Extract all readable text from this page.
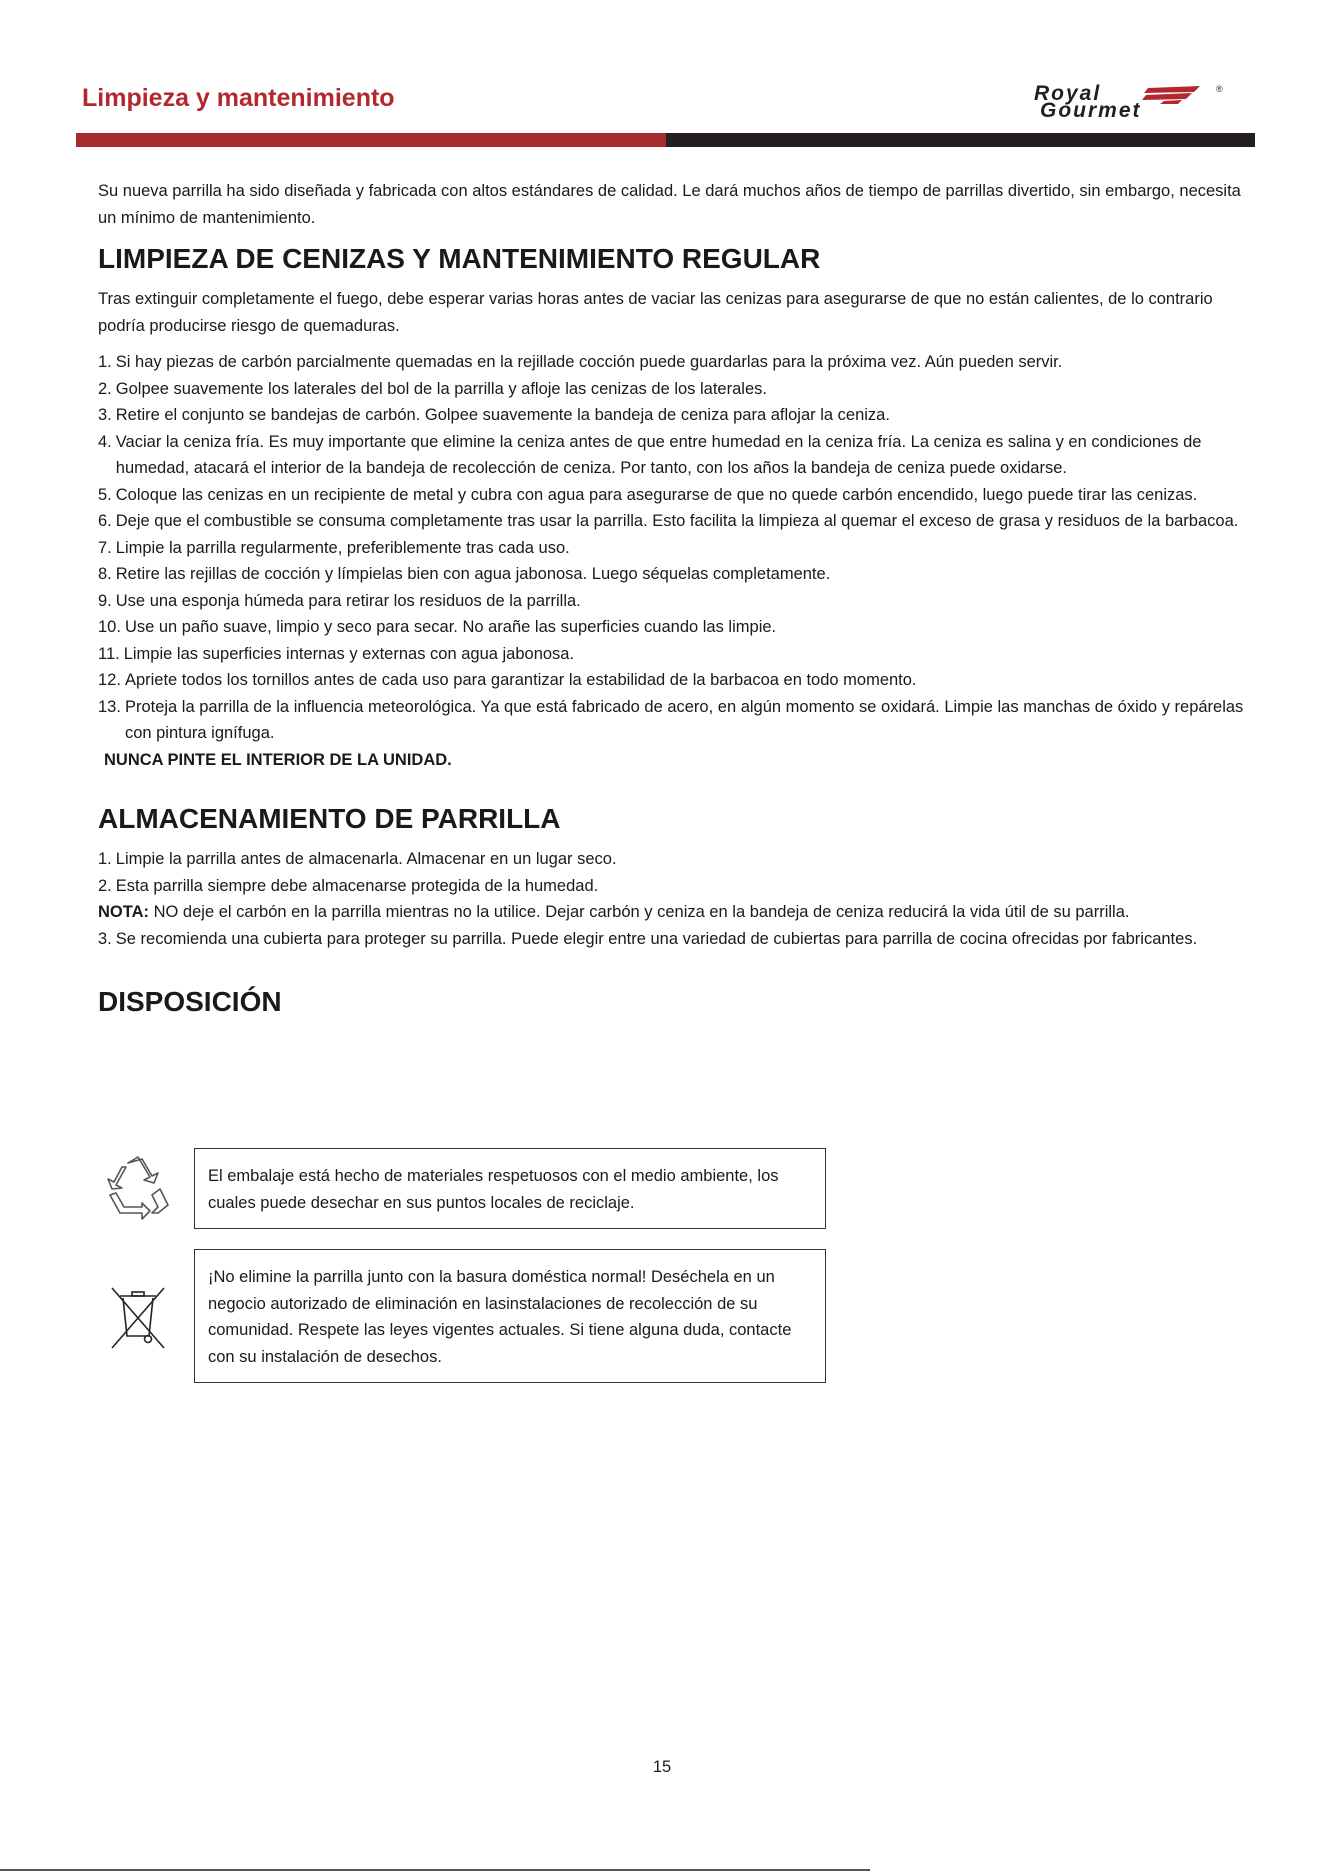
Limpieza y mantenimiento	Royal
Gourmet
®

Su nueva parrilla ha sido diseñada y fabricada con altos estándares de calidad. Le dará muchos años de tiempo de parrillas divertido, sin embargo, necesita un mínimo de mantenimiento.

LIMPIEZA DE CENIZAS Y MANTENIMIENTO REGULAR

Tras extinguir completamente el fuego, debe esperar varias horas antes de vaciar las cenizas para asegurarse de que no están calientes, de lo contrario podría producirse riesgo de quemaduras.

1. Si hay piezas de carbón parcialmente quemadas en la rejillade cocción puede guardarlas para la próxima vez. Aún pueden servir.
2. Golpee suavemente los laterales del bol de la parrilla y afloje las cenizas de los laterales.
3. Retire el conjunto se bandejas de carbón. Golpee suavemente la bandeja de ceniza para aflojar la ceniza.
4. Vaciar la ceniza fría. Es muy importante que elimine la ceniza antes de que entre humedad en la ceniza fría. La ceniza es salina y en condiciones de humedad, atacará el interior de la bandeja de recolección de ceniza. Por tanto, con los años la bandeja de ceniza puede oxidarse.
5. Coloque las cenizas en un recipiente de metal y cubra con agua para asegurarse de que no quede carbón encendido, luego puede tirar las cenizas.
6. Deje que el combustible se consuma completamente tras usar la parrilla. Esto facilita la limpieza al quemar el exceso de grasa y residuos de la barbacoa.
7. Limpie la parrilla regularmente, preferiblemente tras cada uso.
8. Retire las rejillas de cocción y límpielas bien con agua jabonosa. Luego séquelas completamente.
9. Use una esponja húmeda para retirar los residuos de la parrilla.
10. Use un paño suave, limpio y seco para secar. No arañe las superficies cuando las limpie.
11. Limpie las superficies internas y externas con agua jabonosa.
12. Apriete todos los tornillos antes de cada uso para garantizar la estabilidad de la barbacoa en todo momento.
13. Proteja la parrilla de la influencia meteorológica. Ya que está fabricado de acero, en algún momento se oxidará. Limpie las manchas de óxido y repárelas con pintura ignífuga.

NUNCA PINTE EL INTERIOR DE LA UNIDAD.

ALMACENAMIENTO DE PARRILLA
1. Limpie la parrilla antes de almacenarla. Almacenar en un lugar seco.
2. Esta parrilla siempre debe almacenarse protegida de la humedad.
NOTA: NO deje el carbón en la parrilla mientras no la utilice. Dejar carbón y ceniza en la bandeja de ceniza reducirá la vida útil de su parrilla.
3. Se recomienda una cubierta para proteger su parrilla. Puede elegir entre una variedad de cubiertas para parrilla de cocina ofrecidas por fabricantes.
DISPOSICIÓN
El embalaje está hecho de materiales respetuosos con el medio ambiente, los cuales puede desechar en sus puntos locales de reciclaje.
¡No elimine la parrilla junto con la basura doméstica normal! Deséchela en un negocio autorizado de eliminación en lasinstalaciones de recolección de su comunidad. Respete las leyes vigentes actuales. Si tiene alguna duda, contacte con su instalación de desechos.
15
